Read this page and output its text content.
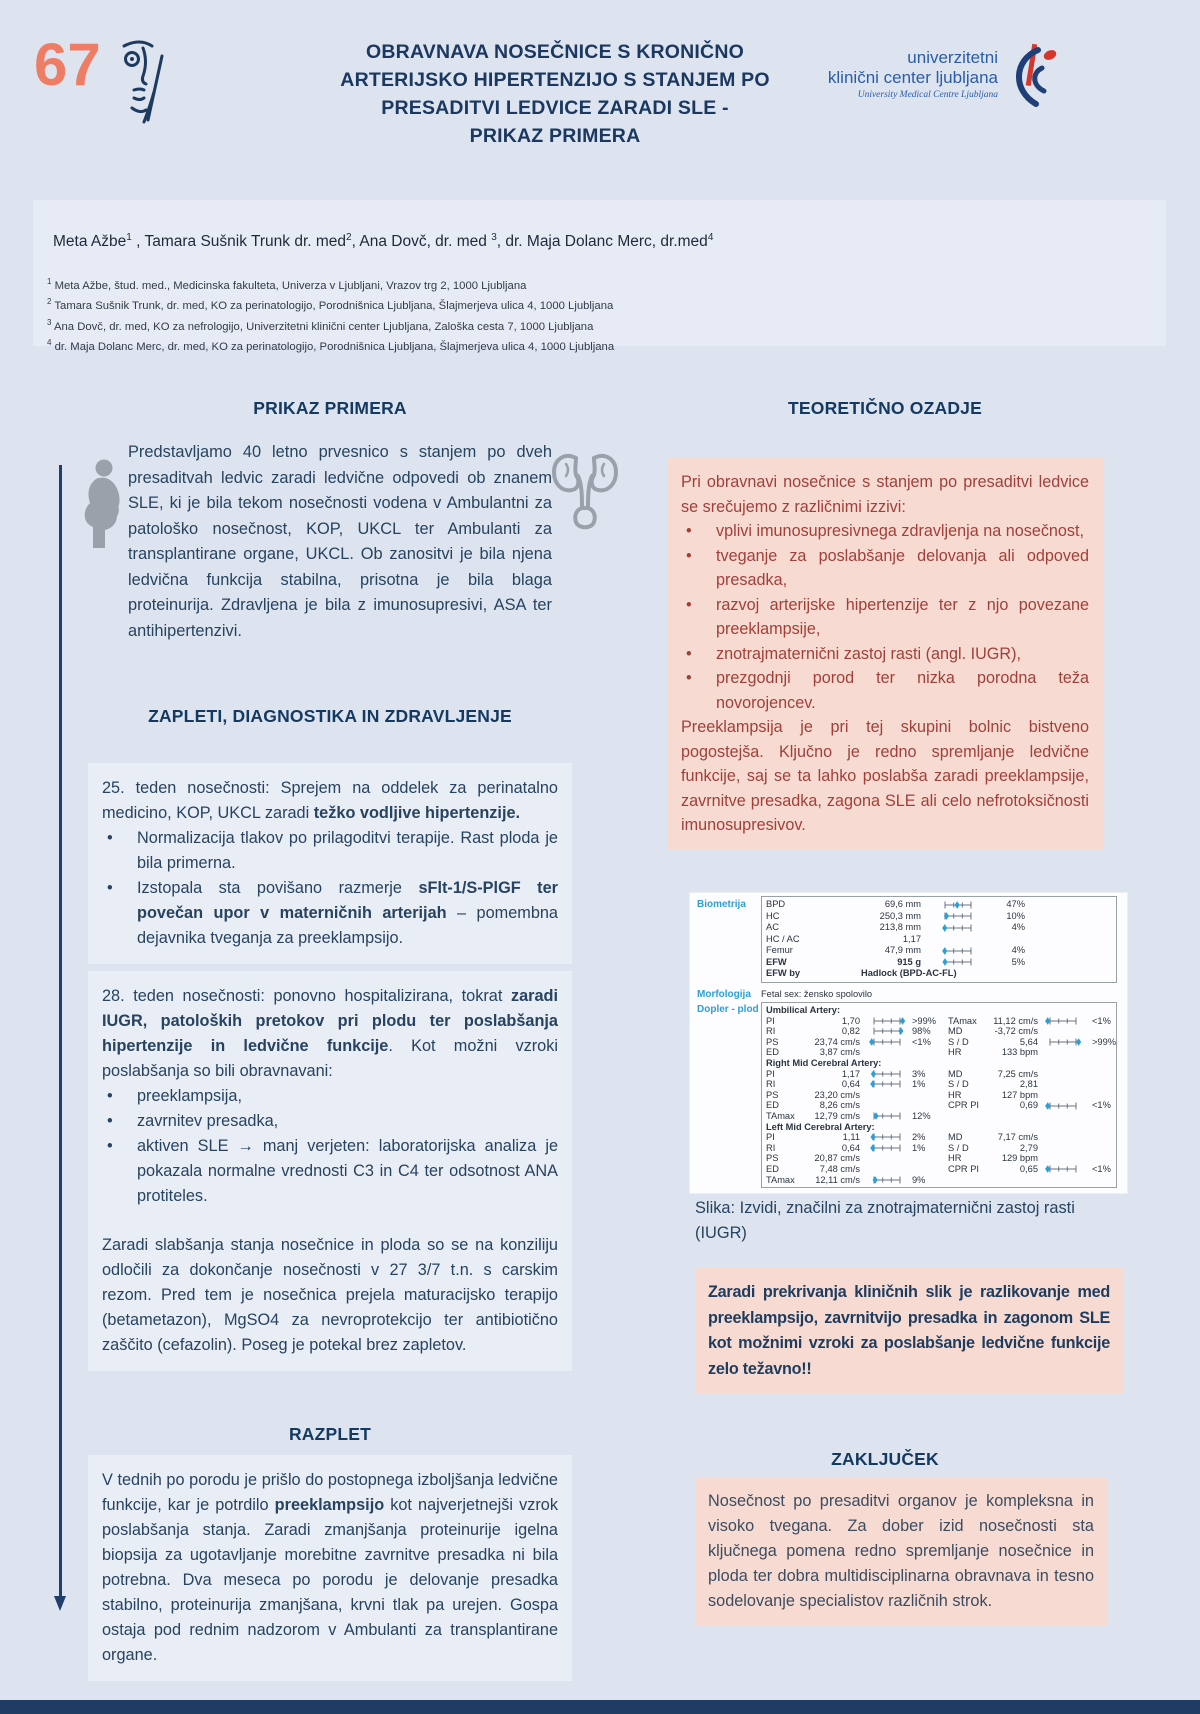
67	OBRAVNAVA NOSEČNICE S KRONIČNO
ARTERIJSKO HIPERTENZIJO S STANJEM PO
PRESADITVI LEDVICE ZARADI SLE -
PRIKAZ PRIMERA
univerzitetni
klinični center ljubljana
University Medical Centre Ljubljana
Meta Ažbe$^1$ , Tamara Sušnik Trunk dr. med$^2$, Ana Dovč, dr. med $^3$, dr. Maja Dolanc Merc, dr.med$^4$
$^1$ Meta Ažbe, štud. med., Medicinska fakulteta, Univerza v Ljubljani, Vrazov trg 2, 1000 Ljubljana
$^2$ Tamara Sušnik Trunk, dr. med, KO za perinatologijo, Porodnišnica Ljubljana, Šlajmerjeva ulica 4, 1000 Ljubljana
$^3$ Ana Dovč, dr. med, KO za nefrologijo, Univerzitetni klinični center Ljubljana, Zaloška cesta 7, 1000 Ljubljana
$^4$ dr. Maja Dolanc Merc, dr. med, KO za perinatologijo, Porodnišnica Ljubljana, Šlajmerjeva ulica 4, 1000 Ljubljana
PRIKAZ PRIMERA
Predstavljamo 40 letno prvesnico s stanjem po dveh presaditvah ledvic zaradi ledvične odpovedi ob znanem SLE, ki je bila tekom nosečnosti vodena v Ambulantni za patološko nosečnost, KOP, UKCL ter Ambulanti za transplantirane organe, UKCL. Ob zanositvi je bila njena ledvična funkcija stabilna, prisotna je bila blaga proteinurija. Zdravljena je bila z imunosupresivi, ASA ter antihipertenzivi.
ZAPLETI, DIAGNOSTIKA IN ZDRAVLJENJE
25. teden nosečnosti: Sprejem na oddelek za perinatalno medicino, KOP, UKCL zaradi težko vodljive hipertenzije.
•	Normalizacija tlakov po prilagoditvi terapije. Rast ploda je bila primerna.
•	Izstopala sta povišano razmerje sFlt-1/S-PlGF ter povečan upor v materničnih arterijah – pomembna dejavnika tveganja za preeklampsijo.
28. teden nosečnosti: ponovno hospitalizirana, tokrat zaradi IUGR, patoloških pretokov pri plodu ter poslabšanja hipertenzije in ledvične funkcije. Kot možni vzroki poslabšanja so bili obravnavani:
•	preeklampsija,
•	zavrnitev presadka,
•	aktiven SLE → manj verjeten: laboratorijska analiza je pokazala normalne vrednosti C3 in C4 ter odsotnost ANA protiteles.
Zaradi slabšanja stanja nosečnice in ploda so se na konziliju odločili za dokončanje nosečnosti v 27 3/7 t.n. s carskim rezom. Pred tem je nosečnica prejela maturacijsko terapijo (betametazon), MgSO4 za nevroprotekcijo ter antibiotično zaščito (cefazolin). Poseg je potekal brez zapletov.
RAZPLET
V tednih po porodu je prišlo do postopnega izboljšanja ledvične funkcije, kar je potrdilo preeklampsijo kot najverjetnejši vzrok poslabšanja stanja. Zaradi zmanjšanja proteinurije igelna biopsija za ugotavljanje morebitne zavrnitve presadka ni bila potrebna. Dva meseca po porodu je delovanje presadka stabilno, proteinurija zmanjšana, krvni tlak pa urejen. Gospa ostaja pod rednim nadzorom v Ambulanti za transplantirane organe.
TEORETIČNO OZADJE
Pri obravnavi nosečnice s stanjem po presaditvi ledvice se srečujemo z različnimi izzivi:
•	vplivi imunosupresivnega zdravljenja na nosečnost,
•	tveganje za poslabšanje delovanja ali odpoved presadka,
•	razvoj arterijske hipertenzije ter z njo povezane preeklampsije,
•	znotrajmaternični zastoj rasti (angl. IUGR),
•	prezgodnji porod ter nizka porodna teža novorojencev.
Preeklampsija je pri tej skupini bolnic bistveno pogostejša. Ključno je redno spremljanje ledvične funkcije, saj se ta lahko poslabša zaradi preeklampsije, zavrnitve presadka, zagona SLE ali celo nefrotoksičnosti imunosupresivov.
Biometrija BPD	69,6 mm	47%
HC	250,3 mm	10%
AC	213,8 mm	4%
HC / AC	1,17
Femur	47,9 mm	4%
EFW	915 g	5%
EFW by	Hadlock (BPD-AC-FL)
Morfologija Fetal sex: žensko spolovilo
Dopler - plod Umbilical Artery:
PI	1,70	>99%	TAmax	11,12 cm/s	<1%
RI	0,82	98%	MD	-3,72 cm/s
PS	23,74 cm/s	<1%	S / D	5,64	>99%
ED	3,87 cm/s	HR	133 bpm
Right Mid Cerebral Artery:
PI	1,17	3%	MD	7,25 cm/s
RI	0,64	1%	S / D	2,81
PS	23,20 cm/s	HR	127 bpm
ED	8,26 cm/s	CPR PI	0,69	<1%
TAmax	12,79 cm/s	12%
Left Mid Cerebral Artery:
PI	1,11	2%	MD	7,17 cm/s
RI	0,64	1%	S / D	2,79
PS	20,87 cm/s	HR	129 bpm
ED	7,48 cm/s	CPR PI	0,65	<1%
TAmax	12,11 cm/s	9%
Slika: Izvidi, značilni za znotrajmaternični zastoj rasti (IUGR)
Zaradi prekrivanja kliničnih slik je razlikovanje med preeklampsijo, zavrnitvijo presadka in zagonom SLE kot možnimi vzroki za poslabšanje ledvične funkcije zelo težavno!!
ZAKLJUČEK
Nosečnost po presaditvi organov je kompleksna in visoko tvegana. Za dober izid nosečnosti sta ključnega pomena redno spremljanje nosečnice in ploda ter dobra multidisciplinarna obravnava in tesno sodelovanje specialistov različnih strok.
